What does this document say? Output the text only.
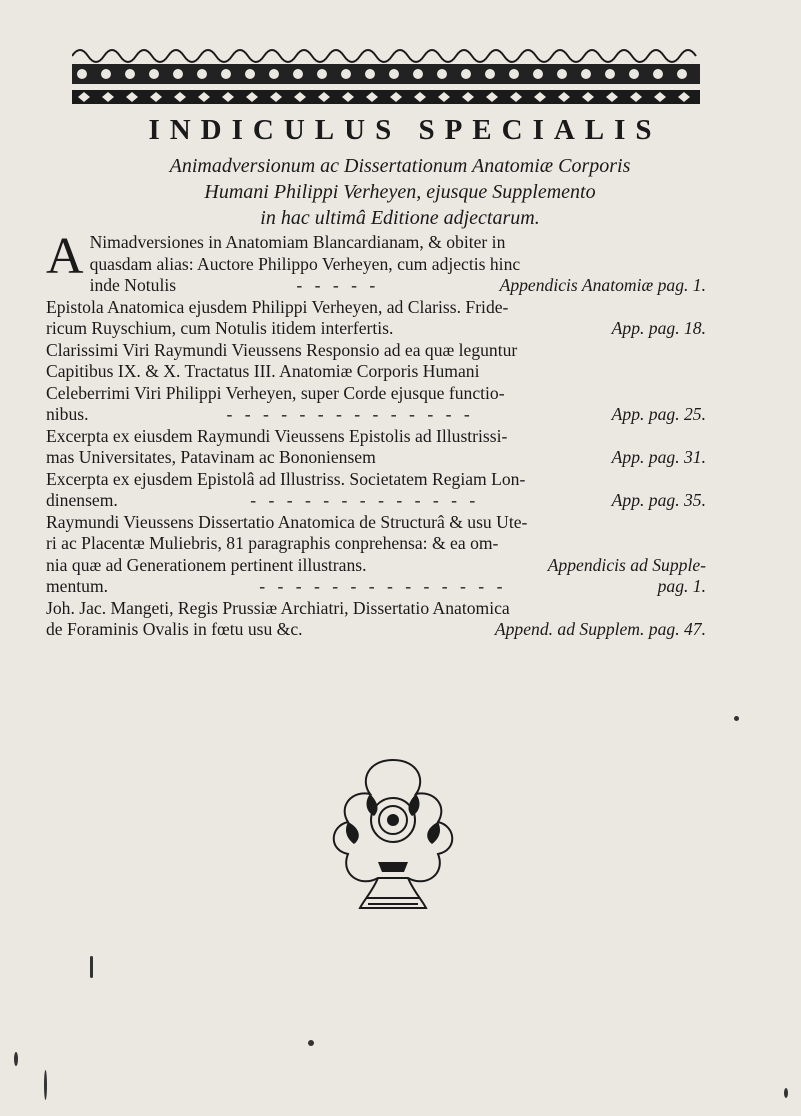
INDICULUS SPECIALIS
Animadversionum ac Dissertationum Anatomiæ Corporis
Humani Philippi Verheyen, ejusque Supplemento
in hac ultimâ Editione adjectarum.
A Nimadversiones in Anatomiam Blancardianam, & obiter in
quasdam alias: Auctore Philippo Verheyen, cum adjectis hinc
inde Notulis	- - - - -	Appendicis Anatomiæ pag. 1.
Epistola Anatomica ejusdem Philippi Verheyen, ad Clariss. Fride-
ricum Ruyschium, cum Notulis itidem interfertis.	App. pag. 18.
Clarissimi Viri Raymundi Vieussens Responsio ad ea quæ leguntur
Capitibus IX. & X. Tractatus III. Anatomiæ Corporis Humani
Celeberrimi Viri Philippi Verheyen, super Corde ejusque functio-
nibus.	- - - - - - - - - - - - - -	App. pag. 25.
Excerpta ex eiusdem Raymundi Vieussens Epistolis ad Illustrissi-
mas Universitates, Patavinam ac Bononiensem	App. pag. 31.
Excerpta ex ejusdem Epistolâ ad Illustriss. Societatem Regiam Lon-
dinensem.	- - - - - - - - - - - - -	App. pag. 35.
Raymundi Vieussens Dissertatio Anatomica de Structurâ & usu Ute-
ri ac Placentæ Muliebris, 81 paragraphis conprehensa: & ea om-
nia quæ ad Generationem pertinent illustrans.	Appendicis ad Supple-
mentum.	- - - - - - - - - - - - - -	pag. 1.
Joh. Jac. Mangeti, Regis Prussiæ Archiatri, Dissertatio Anatomica
de Foraminis Ovalis in fœtu usu &c.	Append. ad Supplem. pag. 47.
